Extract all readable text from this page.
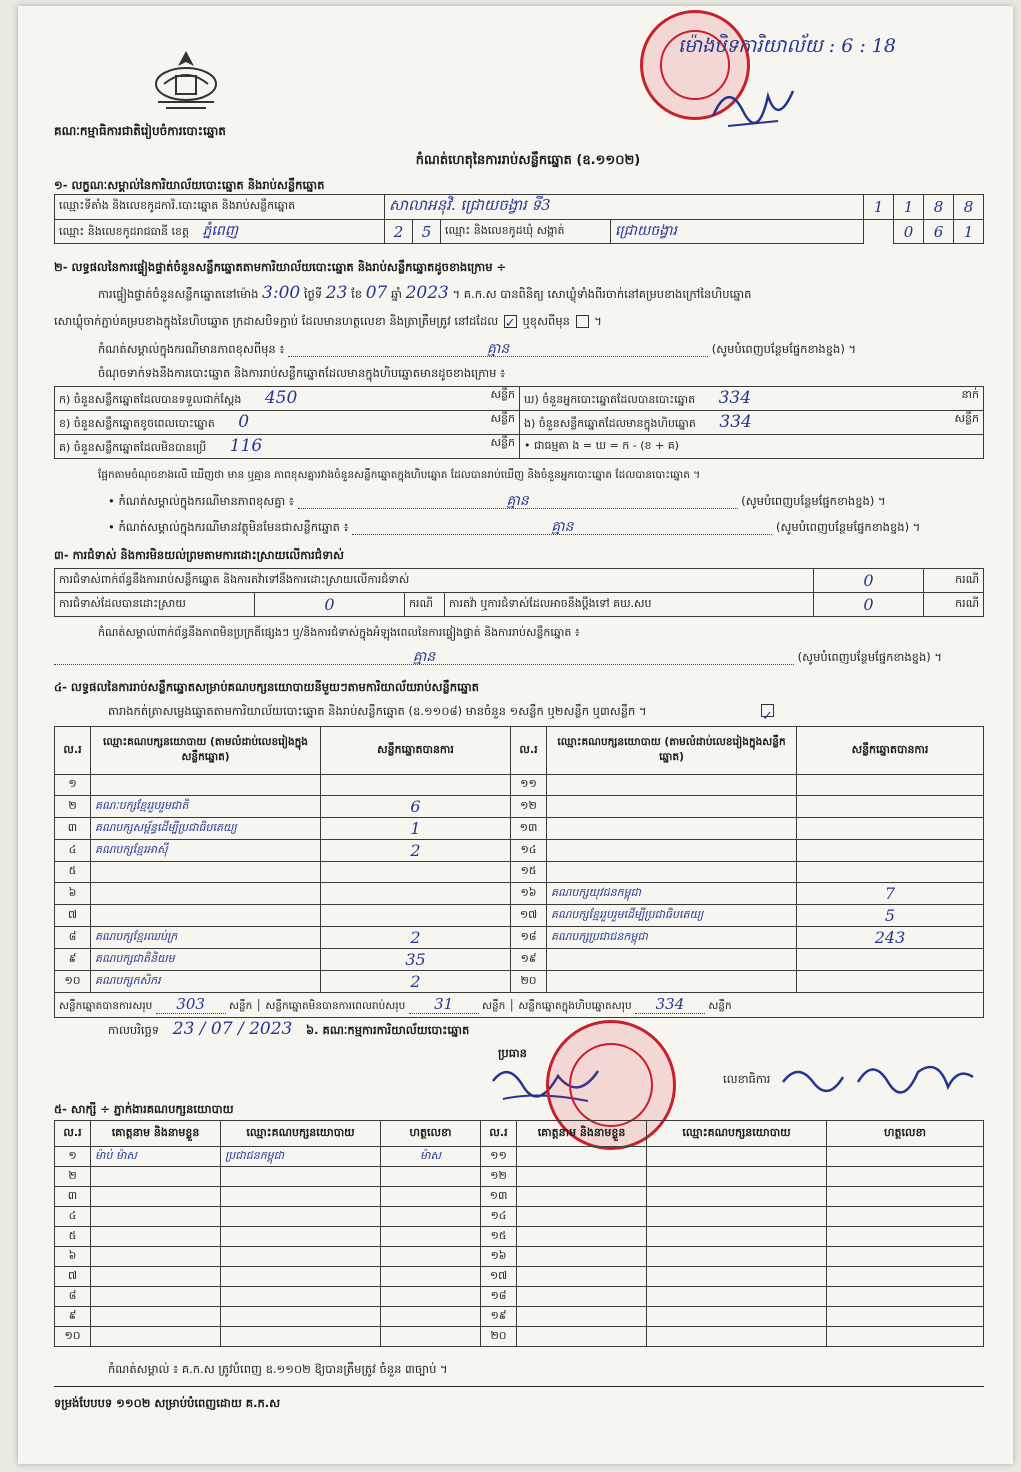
គណៈកម្មាធិការជាតិរៀបចំការបោះឆ្នោត
ម៉ោងបិទការិយាល័យ : 6 : 18
កំណត់ហេតុនៃការរាប់សន្លឹកឆ្នោត (ឧ.១១០២)
១- លក្ខណៈសម្គាល់នៃការិយាល័យបោះឆ្នោត និងរាប់សន្លឹកឆ្នោត
ឈ្មោះទីតាំង និងលេខកូដការិ.បោះឆ្នោត និងរាប់សន្លឹកឆ្នោត	សាលាអនុវិ. ជ្រោយចង្វារ ទី3				1	1	8	8
ឈ្មោះ និងលេខកូដរាជធានី ខេត្ត ភ្នំពេញ	2	5	ឈ្មោះ និងលេខកូដឃុំ សង្កាត់	ជ្រោយចង្វារ		0	6	1
២- លទ្ធផលនៃការផ្ទៀងផ្ទាត់ចំនួនសន្លឹកឆ្នោតតាមការិយាល័យបោះឆ្នោត និងរាប់សន្លឹកឆ្នោតដូចខាងក្រោម ÷
ការផ្ទៀងផ្ទាត់ចំនួនសន្លឹកឆ្នោតនៅម៉ោង 3:00 ថ្ងៃទី 23 ខែ 07 ឆ្នាំ 2023 ។ គ.ក.ស បានពិនិត្យ សោឃ្លុំទាំងពីរចាក់នៅគម្របខាងក្រៅនៃហិបឆ្នោត
សោឃ្លុំចាក់ភ្ជាប់គម្របខាងក្នុងនៃហិបឆ្នោត ក្រដាសបិទភ្ជាប់ ដែលមានហត្ថលេខា និងត្រាត្រឹមត្រូវ នៅដដែល ✓ ឬខុសពីមុន  ។
កំណត់សម្គាល់ក្នុងករណីមានភាពខុសពីមុន ៖	គ្មាន	(សូមបំពេញបន្ថែមផ្នែកខាងខ្នង) ។
ចំណុចទាក់ទងនឹងការបោះឆ្នោត និងការរាប់សន្លឹកឆ្នោតដែលមានក្នុងហិបឆ្នោតមានដូចខាងក្រោម ៖
ក) ចំនួនសន្លឹកឆ្នោតដែលបានទទួលជាក់ស្តែង 450 សន្លឹក	ឃ) ចំនួនអ្នកបោះឆ្នោតដែលបានបោះឆ្នោត 334 នាក់

ខ) ចំនួនសន្លឹកឆ្នោតខូចពេលបោះឆ្នោត 0 សន្លឹក	ង) ចំនួនសន្លឹកឆ្នោតដែលមានក្នុងហិបឆ្នោត 334 សន្លឹក

គ) ចំនួនសន្លឹកឆ្នោតដែលមិនបានប្រើ 116 សន្លឹក	• ជាធម្មតា ង = ឃ = ក - (ខ + គ)
ផ្អែកតាមចំណុចខាងលើ ឃើញថា មាន ឬគ្មាន ភាពខុសគ្នារវាងចំនួនសន្លឹកឆ្នោតក្នុងហិបឆ្នោត ដែលបានរាប់ឃើញ និងចំនួនអ្នកបោះឆ្នោត ដែលបានបោះឆ្នោត ។
• កំណត់សម្គាល់ក្នុងករណីមានភាពខុសគ្នា ៖	គ្មាន	(សូមបំពេញបន្ថែមផ្នែកខាងខ្នង) ។
• កំណត់សម្គាល់ក្នុងករណីមានវត្ថុមិនមែនជាសន្លឹកឆ្នោត ៖	គ្មាន	(សូមបំពេញបន្ថែមផ្នែកខាងខ្នង) ។
៣- ការជំទាស់ និងការមិនយល់ព្រមតាមការដោះស្រាយលើការជំទាស់
ការជំទាស់ពាក់ព័ន្ធនឹងការរាប់សន្លឹកឆ្នោត និងការតវ៉ាទៅនឹងការដោះស្រាយលើការជំទាស់				0	ករណី
ការជំទាស់ដែលបានដោះស្រាយ	0	ករណី	ការតវ៉ា ឬការជំទាស់ដែលអាចនឹងប្តឹងទៅ គឃ.សប	0	ករណី
កំណត់សម្គាល់ពាក់ព័ន្ធនឹងភាពមិនប្រក្រតីផ្សេងៗ ឬ/និងការជំទាស់ក្នុងអំឡុងពេលនៃការផ្ទៀងផ្ទាត់ និងការរាប់សន្លឹកឆ្នោត ៖
គ្មាន	(សូមបំពេញបន្ថែមផ្នែកខាងខ្នង) ។
៤- លទ្ធផលនៃការរាប់សន្លឹកឆ្នោតសម្រាប់គណបក្សនយោបាយនីមួយៗតាមការិយាល័យរាប់សន្លឹកឆ្នោត
តារាងកត់ត្រាសម្លេងឆ្នោតតាមការិយាល័យបោះឆ្នោត និងរាប់សន្លឹកឆ្នោត (ឧ.១១០៨) មានចំនួន ១សន្លឹក ឬ២សន្លឹក ឬ៣សន្លឹក ។	✓
ល.រ	ឈ្មោះគណបក្សនយោបាយ (តាមលំដាប់លេខរៀងក្នុងសន្លឹកឆ្នោត)	សន្លឹកឆ្នោតបានការ	ល.រ	ឈ្មោះគណបក្សនយោបាយ (តាមលំដាប់លេខរៀងក្នុងសន្លឹកឆ្នោត)	សន្លឹកឆ្នោតបានការ
១			១១		
២	គណៈបក្សខ្មែររួបរួមជាតិ	6	១២		
៣	គណបក្សសម្ព័ន្ធដើម្បីប្រជាធិបតេយ្យ	1	១៣		
៤	គណបក្សខ្មែរអាស៊ី	2	១៤		
៥			១៥		
៦			១៦	គណបក្សយុវជនកម្ពុជា	7
៧			១៧	គណបក្សខ្មែររួបរួមដើម្បីប្រជាធិបតេយ្យ	5
៨	គណបក្សខ្មែរឈប់ក្រ	2	១៨	គណបក្សប្រជាជនកម្ពុជា	243
៩	គណបក្សជាតិនិយម	35	១៩		
១០	គណបក្សកសិករ	2	២០		
សន្លឹកឆ្នោតបានការសរុប 303 សន្លឹក │ សន្លឹកឆ្នោតមិនបានការពេលរាប់សរុប 31 សន្លឹក │ សន្លឹកឆ្នោតក្នុងហិបឆ្នោតសរុប 334 សន្លឹក					
កាលបរិច្ឆេទ 23 / 07 / 2023 ៦. គណៈកម្មការការិយាល័យបោះឆ្នោត
ប្រធាន
លេខាធិការ
៥- សាក្សី ÷ ភ្នាក់ងារគណបក្សនយោបាយ
ល.រ	គោត្តនាម និងនាមខ្លួន	ឈ្មោះគណបក្សនយោបាយ	ហត្ថលេខា	ល.រ	គោត្តនាម និងនាមខ្លួន	ឈ្មោះគណបក្សនយោបាយ	ហត្ថលេខា
១	ម៉ាប់ ម៉ាស	ប្រជាជនកម្ពុជា	ម៉ាស	១១			
២				១២			
៣				១៣			
៤				១៤			
៥				១៥			
៦				១៦			
៧				១៧			
៨				១៨			
៩				១៩			
១០				២០			
កំណត់សម្គាល់ ៖ គ.ក.ស ត្រូវបំពេញ ឧ.១១០២ ឱ្យបានត្រឹមត្រូវ ចំនួន ៣ច្បាប់ ។
ទម្រង់បែបបទ ១១០២ សម្រាប់បំពេញដោយ គ.ក.ស
